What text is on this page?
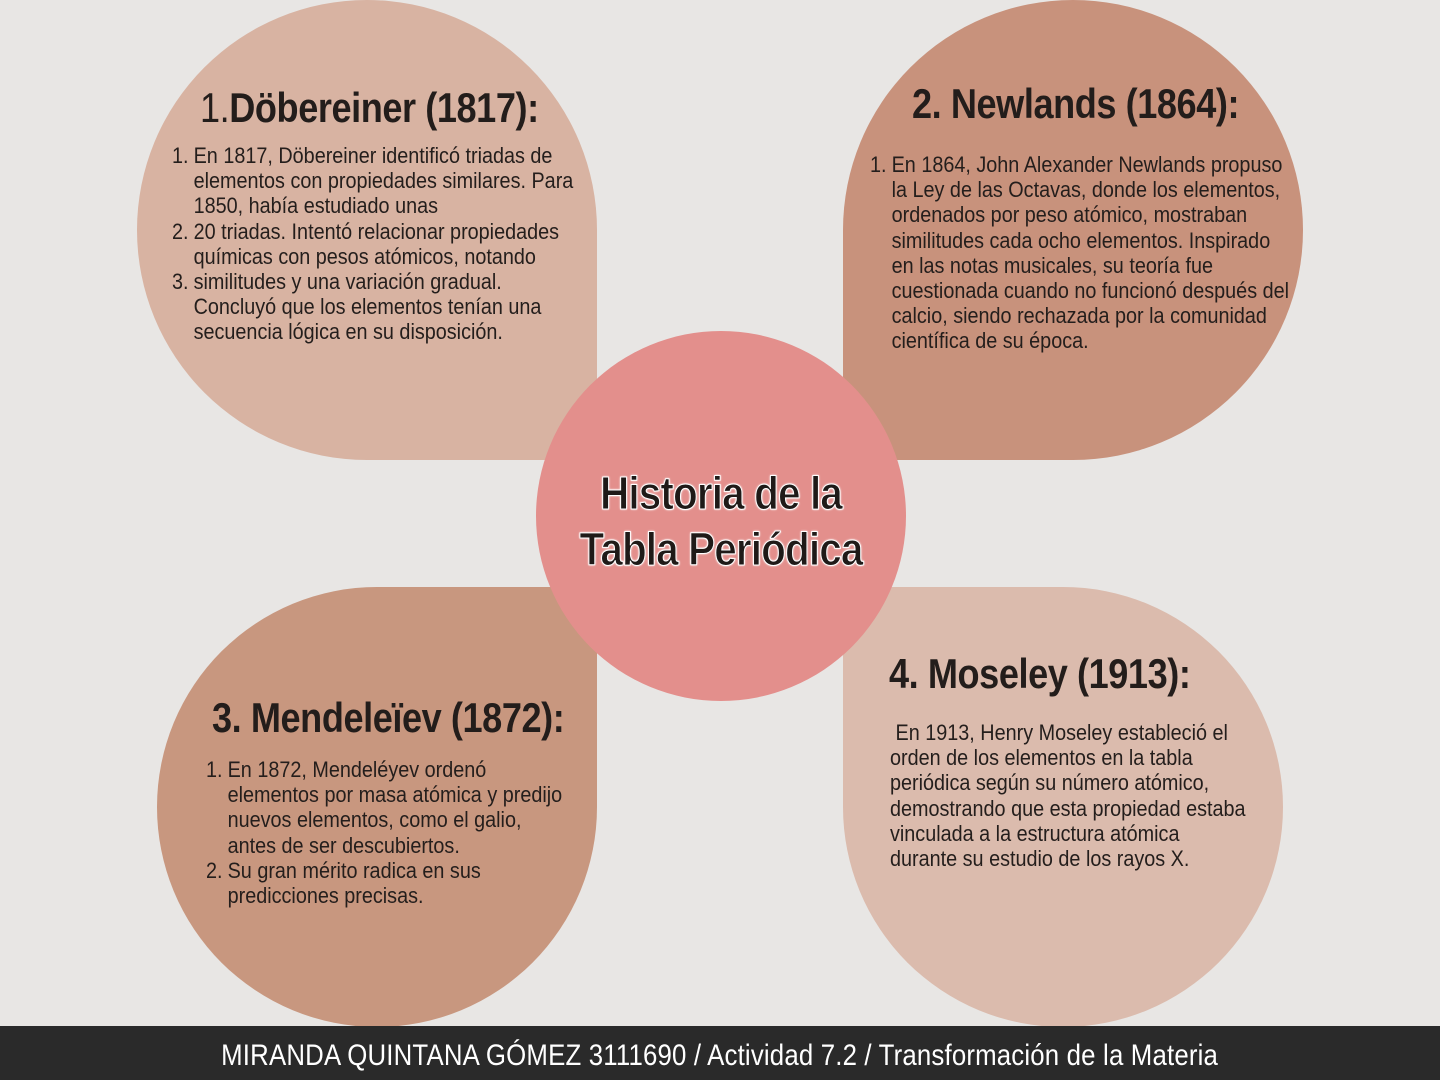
1.Döbereiner (1817):
1. En 1817, Döbereiner identificó triadas de elementos con propiedades similares. Para 1850, había estudiado unas
2. 20 triadas. Intentó relacionar propiedades químicas con pesos atómicos, notando
3. similitudes y una variación gradual. Concluyó que los elementos tenían una secuencia lógica en su disposición.
2. Newlands (1864):
1. En 1864, John Alexander Newlands propuso la Ley de las Octavas, donde los elementos, ordenados por peso atómico, mostraban similitudes cada ocho elementos. Inspirado en las notas musicales, su teoría fue cuestionada cuando no funcionó después del calcio, siendo rechazada por la comunidad científica de su época.
3. Mendeleïev (1872):
1. En 1872, Mendeléyev ordenó elementos por masa atómica y predijo nuevos elementos, como el galio, antes de ser descubiertos.
2. Su gran mérito radica en sus predicciones precisas.
4. Moseley (1913):

En 1913, Henry Moseley estableció el orden de los elementos en la tabla periódica según su número atómico, demostrando que esta propiedad estaba vinculada a la estructura atómica durante su estudio de los rayos X.

Historia de la
Tabla Periódica
MIRANDA QUINTANA GÓMEZ 3111690 / Actividad 7.2 / Transformación de la Materia
